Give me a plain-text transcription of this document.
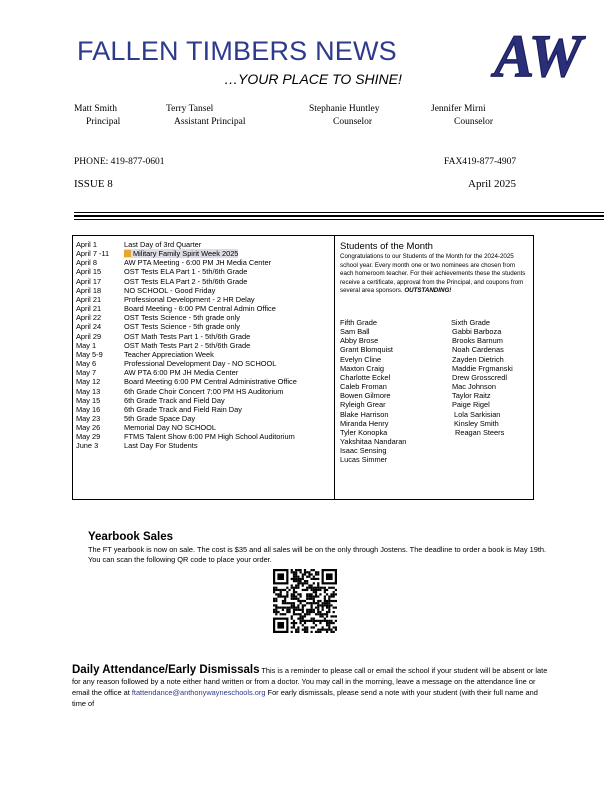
FALLEN TIMBERS NEWS
…YOUR PLACE TO SHINE! AW
Matt Smith
Principal
Terry Tansel
Assistant Principal
Stephanie Huntley
Counselor
Jennifer Mirni
Counselor
PHONE: 419-877-0601	FAX419-877-4907
ISSUE 8	April 2025
April 1	Last Day of 3rd Quarter
April 7 -11	Military Family Spirit Week 2025
April 8	AW PTA Meeting - 6:00 PM JH Media Center
April 15	OST Tests ELA Part 1 - 5th/6th Grade
April 17	OST Tests ELA Part 2 - 5th/6th Grade
April 18	NO SCHOOL - Good Friday
April 21	Professional Development - 2 HR Delay
April 21	Board Meeting - 6:00 PM Central Admin Office
April 22	OST Tests Science - 5th grade only
April 24	OST Tests Science - 5th grade only
April 29	OST Math Tests Part 1 - 5th/6th Grade
May 1	OST Math Tests Part 2 - 5th/6th Grade
May 5-9	Teacher Appreciation Week
May 6	Professional Development Day - NO SCHOOL
May 7	AW PTA 6:00 PM JH Media Center
May 12	Board Meeting 6:00 PM Central Administrative Office
May 13	6th Grade Choir Concert 7:00 PM HS Auditorium
May 15	6th Grade Track and Field Day
May 16	6th Grade Track and Field Rain Day
May 23	5th Grade Space Day
May 26	Memorial Day NO SCHOOL
May 29	FTMS Talent Show 6:00 PM High School Auditorium
June 3	Last Day For Students
Students of the Month
Congratulations to our Students of the Month for the 2024-2025 school year. Every month one or two nominees are chosen from each homeroom teacher. For their achievements these the students receive a certificate, approval from the Principal, and coupons from several area sponsors. OUTSTANDING!
Fifth Grade
Sam Ball
Abby Brose
Grant Blomquist
Evelyn Cline
Maxton Craig
Charlotte Eckel
Caleb Froman
Bowen Gilmore
Ryleigh Grear
Blake Harrison
Miranda Henry
Tyler Konopka
Yakshitaa Nandaran
Isaac Sensing
Lucas Simmer
Sixth Grade
Gabbi Barboza
Brooks Barnum
Noah Cardenas
Zayden Dietrich
Maddie Frgmanski
Drew Grosscredl
Mac Johnson
Taylor Raitz
Paige Rigel
Lola Sarkisian
Kinsley Smith
Reagan Steers
Yearbook Sales
The FT yearbook is now on sale. The cost is $35 and all sales will be on the only through Jostens. The deadline to order a book is May 19th. You can scan the following QR code to place your order.
Daily Attendance/Early Dismissals This is a reminder to please call or email the school if your student will be absent or late for any reason followed by a note either hand written or from a doctor. You may call in the morning, leave a message on the attendance line or email the office at ftattendance@anthonywayneschools.org For early dismissals, please send a note with your student (with their full name and time of
